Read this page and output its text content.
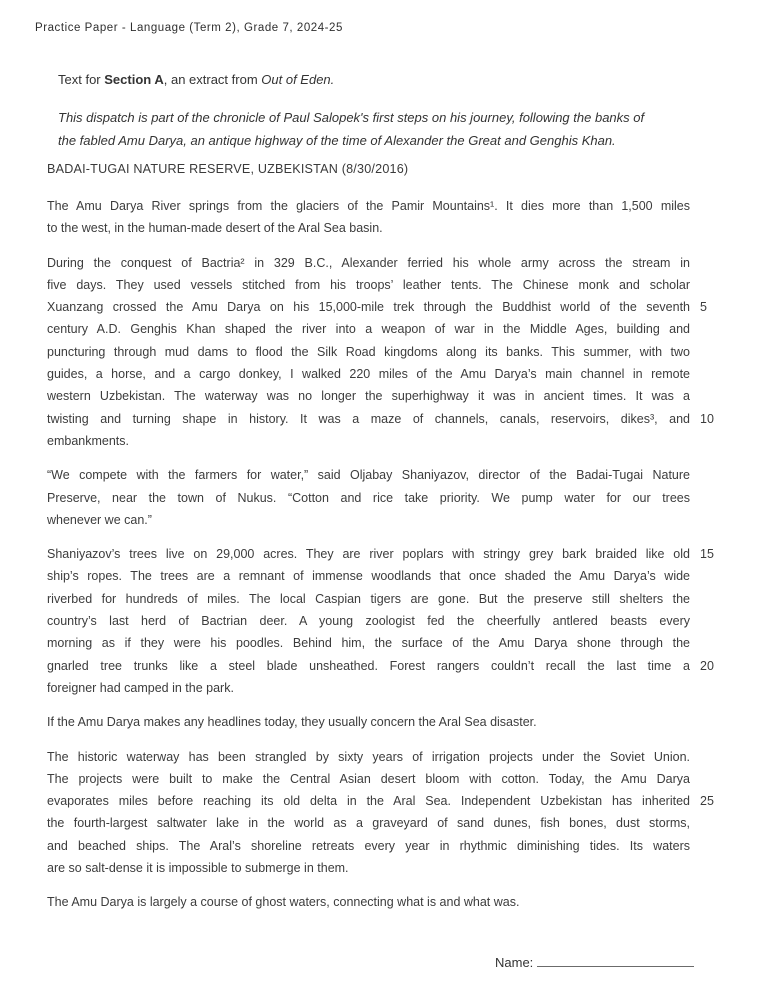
Practice Paper - Language (Term 2), Grade 7, 2024-25
Text for Section A, an extract from Out of Eden.
This dispatch is part of the chronicle of Paul Salopek's first steps on his journey, following the banks of
the fabled Amu Darya, an antique highway of the time of Alexander the Great and Genghis Khan.
BADAI-TUGAI NATURE RESERVE, UZBEKISTAN (8/30/2016)
The Amu Darya River springs from the glaciers of the Pamir Mountains¹. It dies more than 1,500 miles
to the west, in the human-made desert of the Aral Sea basin.
During the conquest of Bactria² in 329 B.C., Alexander ferried his whole army across the stream in
five days. They used vessels stitched from his troops’ leather tents. The Chinese monk and scholar
Xuanzang crossed the Amu Darya on his 15,000-mile trek through the Buddhist world of the seventh 5
century A.D. Genghis Khan shaped the river into a weapon of war in the Middle Ages, building and
puncturing through mud dams to flood the Silk Road kingdoms along its banks. This summer, with two
guides, a horse, and a cargo donkey, I walked 220 miles of the Amu Darya’s main channel in remote
western Uzbekistan. The waterway was no longer the superhighway it was in ancient times. It was a
twisting and turning shape in history. It was a maze of channels, canals, reservoirs, dikes³, and 10
embankments.
“We compete with the farmers for water,” said Oljabay Shaniyazov, director of the Badai-Tugai Nature
Preserve, near the town of Nukus. “Cotton and rice take priority. We pump water for our trees
whenever we can.”
Shaniyazov’s trees live on 29,000 acres. They are river poplars with stringy grey bark braided like old 15
ship’s ropes. The trees are a remnant of immense woodlands that once shaded the Amu Darya’s wide
riverbed for hundreds of miles. The local Caspian tigers are gone. But the preserve still shelters the
country’s last herd of Bactrian deer. A young zoologist fed the cheerfully antlered beasts every
morning as if they were his poodles. Behind him, the surface of the Amu Darya shone through the
gnarled tree trunks like a steel blade unsheathed. Forest rangers couldn’t recall the last time a 20
foreigner had camped in the park.
If the Amu Darya makes any headlines today, they usually concern the Aral Sea disaster.
The historic waterway has been strangled by sixty years of irrigation projects under the Soviet Union.
The projects were built to make the Central Asian desert bloom with cotton. Today, the Amu Darya
evaporates miles before reaching its old delta in the Aral Sea. Independent Uzbekistan has inherited 25
the fourth-largest saltwater lake in the world as a graveyard of sand dunes, fish bones, dust storms,
and beached ships. The Aral’s shoreline retreats every year in rhythmic diminishing tides. Its waters
are so salt-dense it is impossible to submerge in them.
The Amu Darya is largely a course of ghost waters, connecting what is and what was.
Name:
